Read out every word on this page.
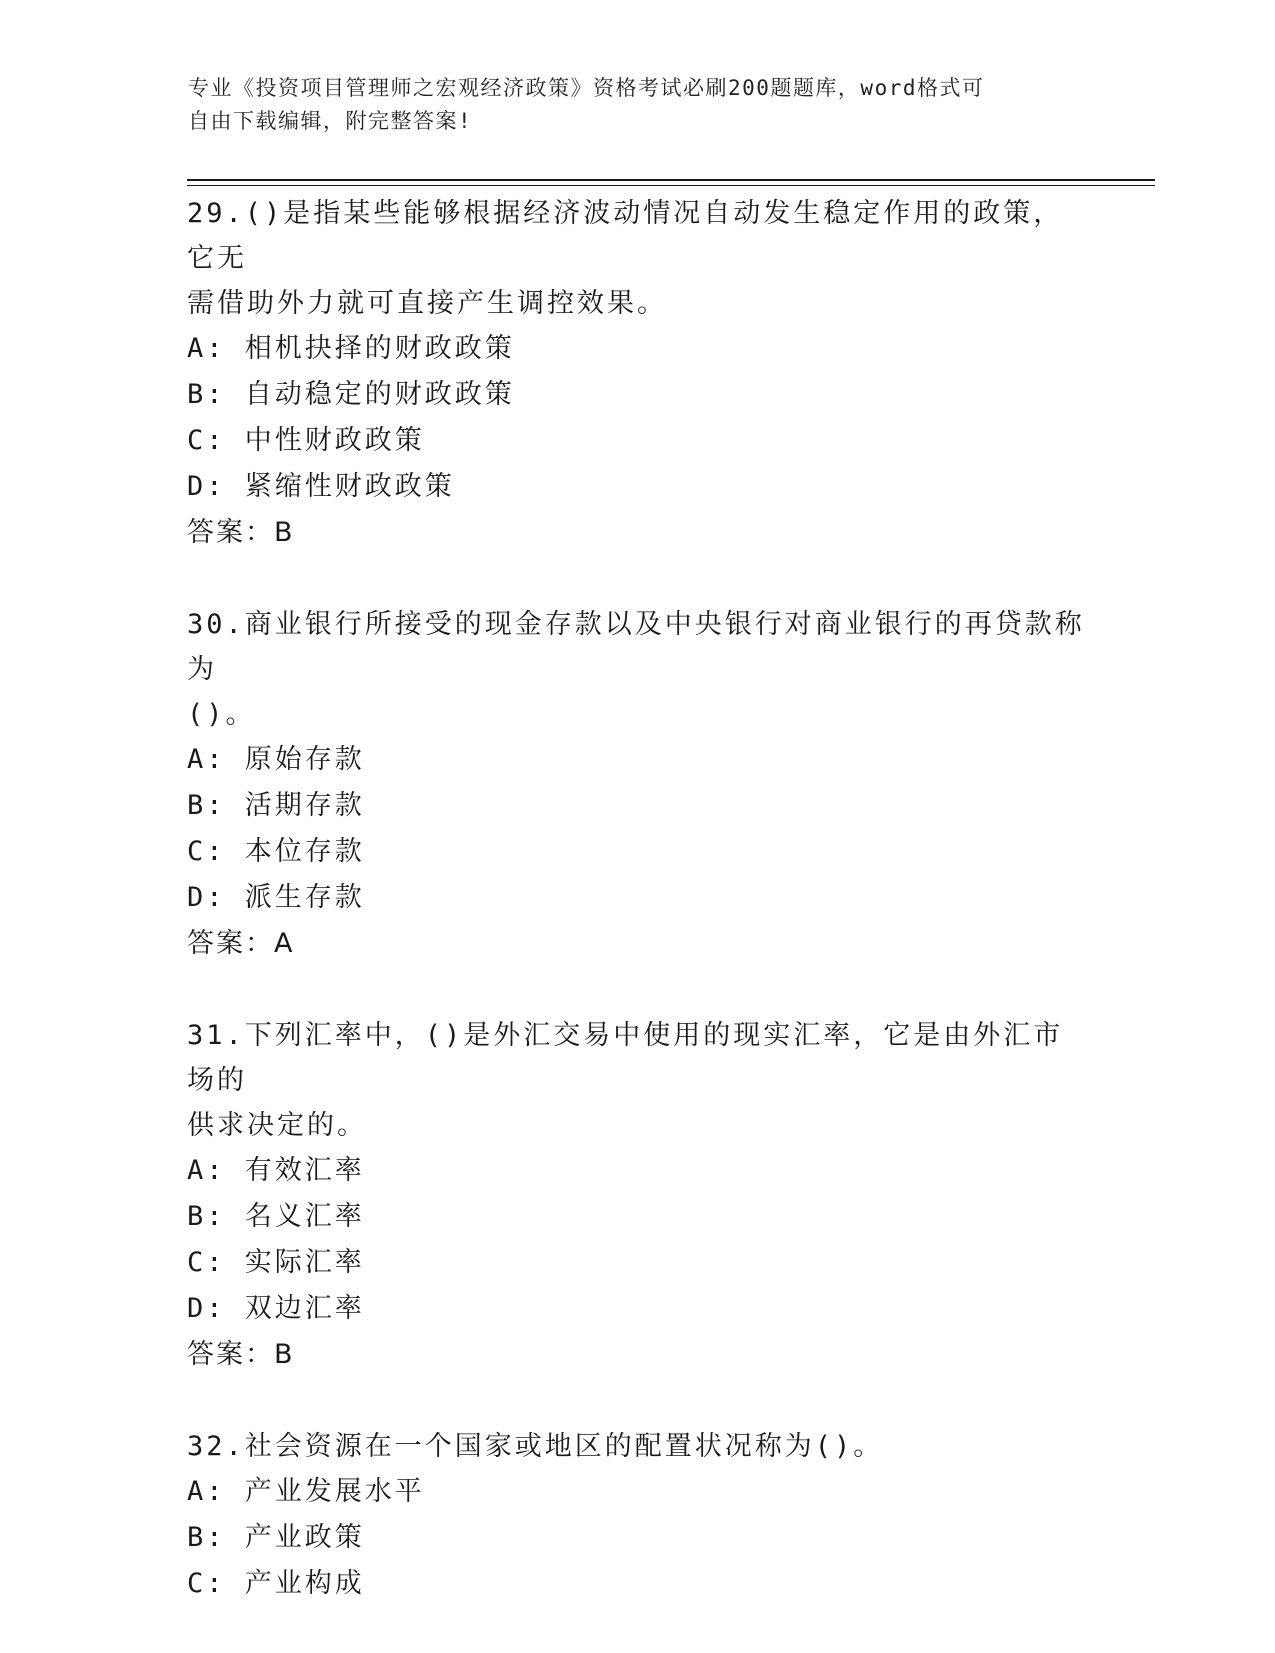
专业《投资项目管理师之宏观经济政策》资格考试必刷200题题库，word格式可
自由下载编辑，附完整答案!

29.()是指某些能够根据经济波动情况自动发生稳定作用的政策，它无
需借助外力就可直接产生调控效果。

A: 相机抉择的财政政策

B: 自动稳定的财政政策

C: 中性财政政策

D: 紧缩性财政政策

答案：B

30.商业银行所接受的现金存款以及中央银行对商业银行的再贷款称为
()。

A: 原始存款

B: 活期存款

C: 本位存款

D: 派生存款

答案：A

31.下列汇率中，()是外汇交易中使用的现实汇率，它是由外汇市场的
供求决定的。

A: 有效汇率

B: 名义汇率

C: 实际汇率

D: 双边汇率

答案：B

32.社会资源在一个国家或地区的配置状况称为()。

A: 产业发展水平

B: 产业政策

C: 产业构成
